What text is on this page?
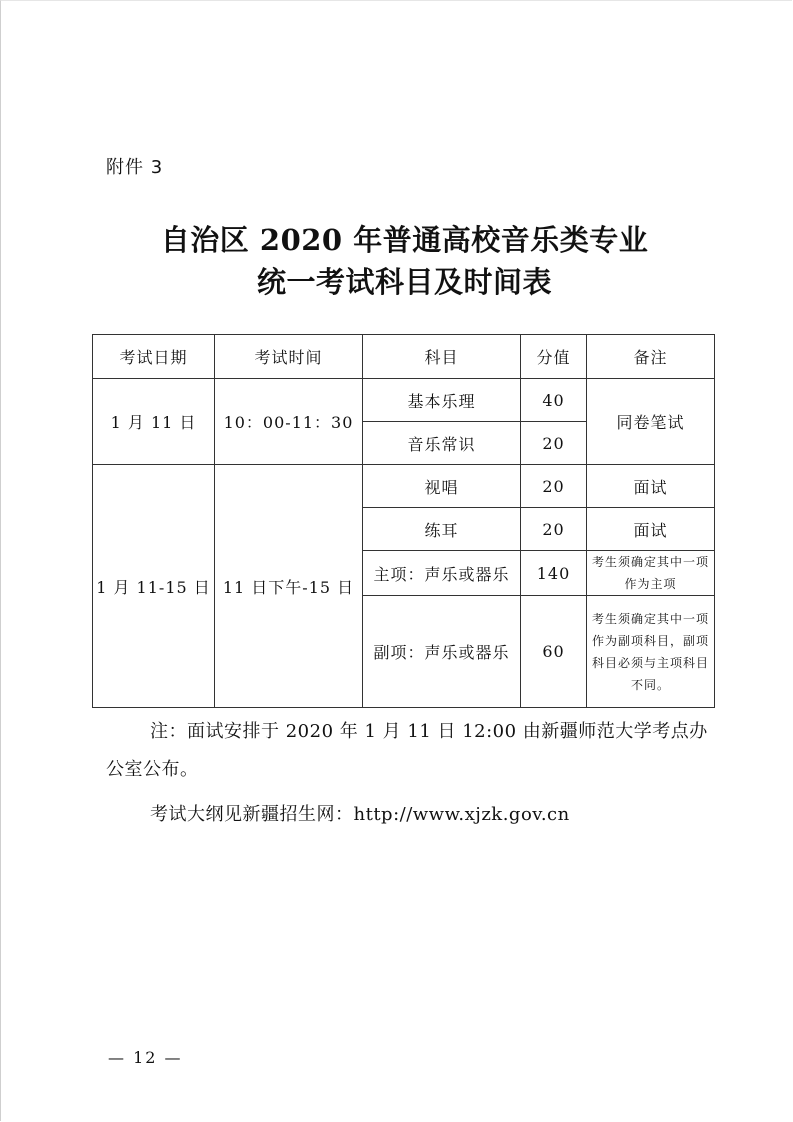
附件 3
自治区 2020 年普通高校音乐类专业
统一考试科目及时间表
考试日期	考试时间	科目	分值	备注
1 月 11 日	10：00-11：30	基本乐理	40	同卷笔试
		音乐常识	20	
1 月 11-15 日	11 日下午-15 日	视唱	20	面试
		练耳	20	面试
		主项：声乐或器乐	140	考生须确定其中一项作为主项
		副项：声乐或器乐	60	考生须确定其中一项作为副项科目，副项科目必须与主项科目不同。
注：面试安排于 2020 年 1 月 11 日 12:00 由新疆师范大学考点办公室公布。
考试大纲见新疆招生网：http://www.xjzk.gov.cn
— 12 —
